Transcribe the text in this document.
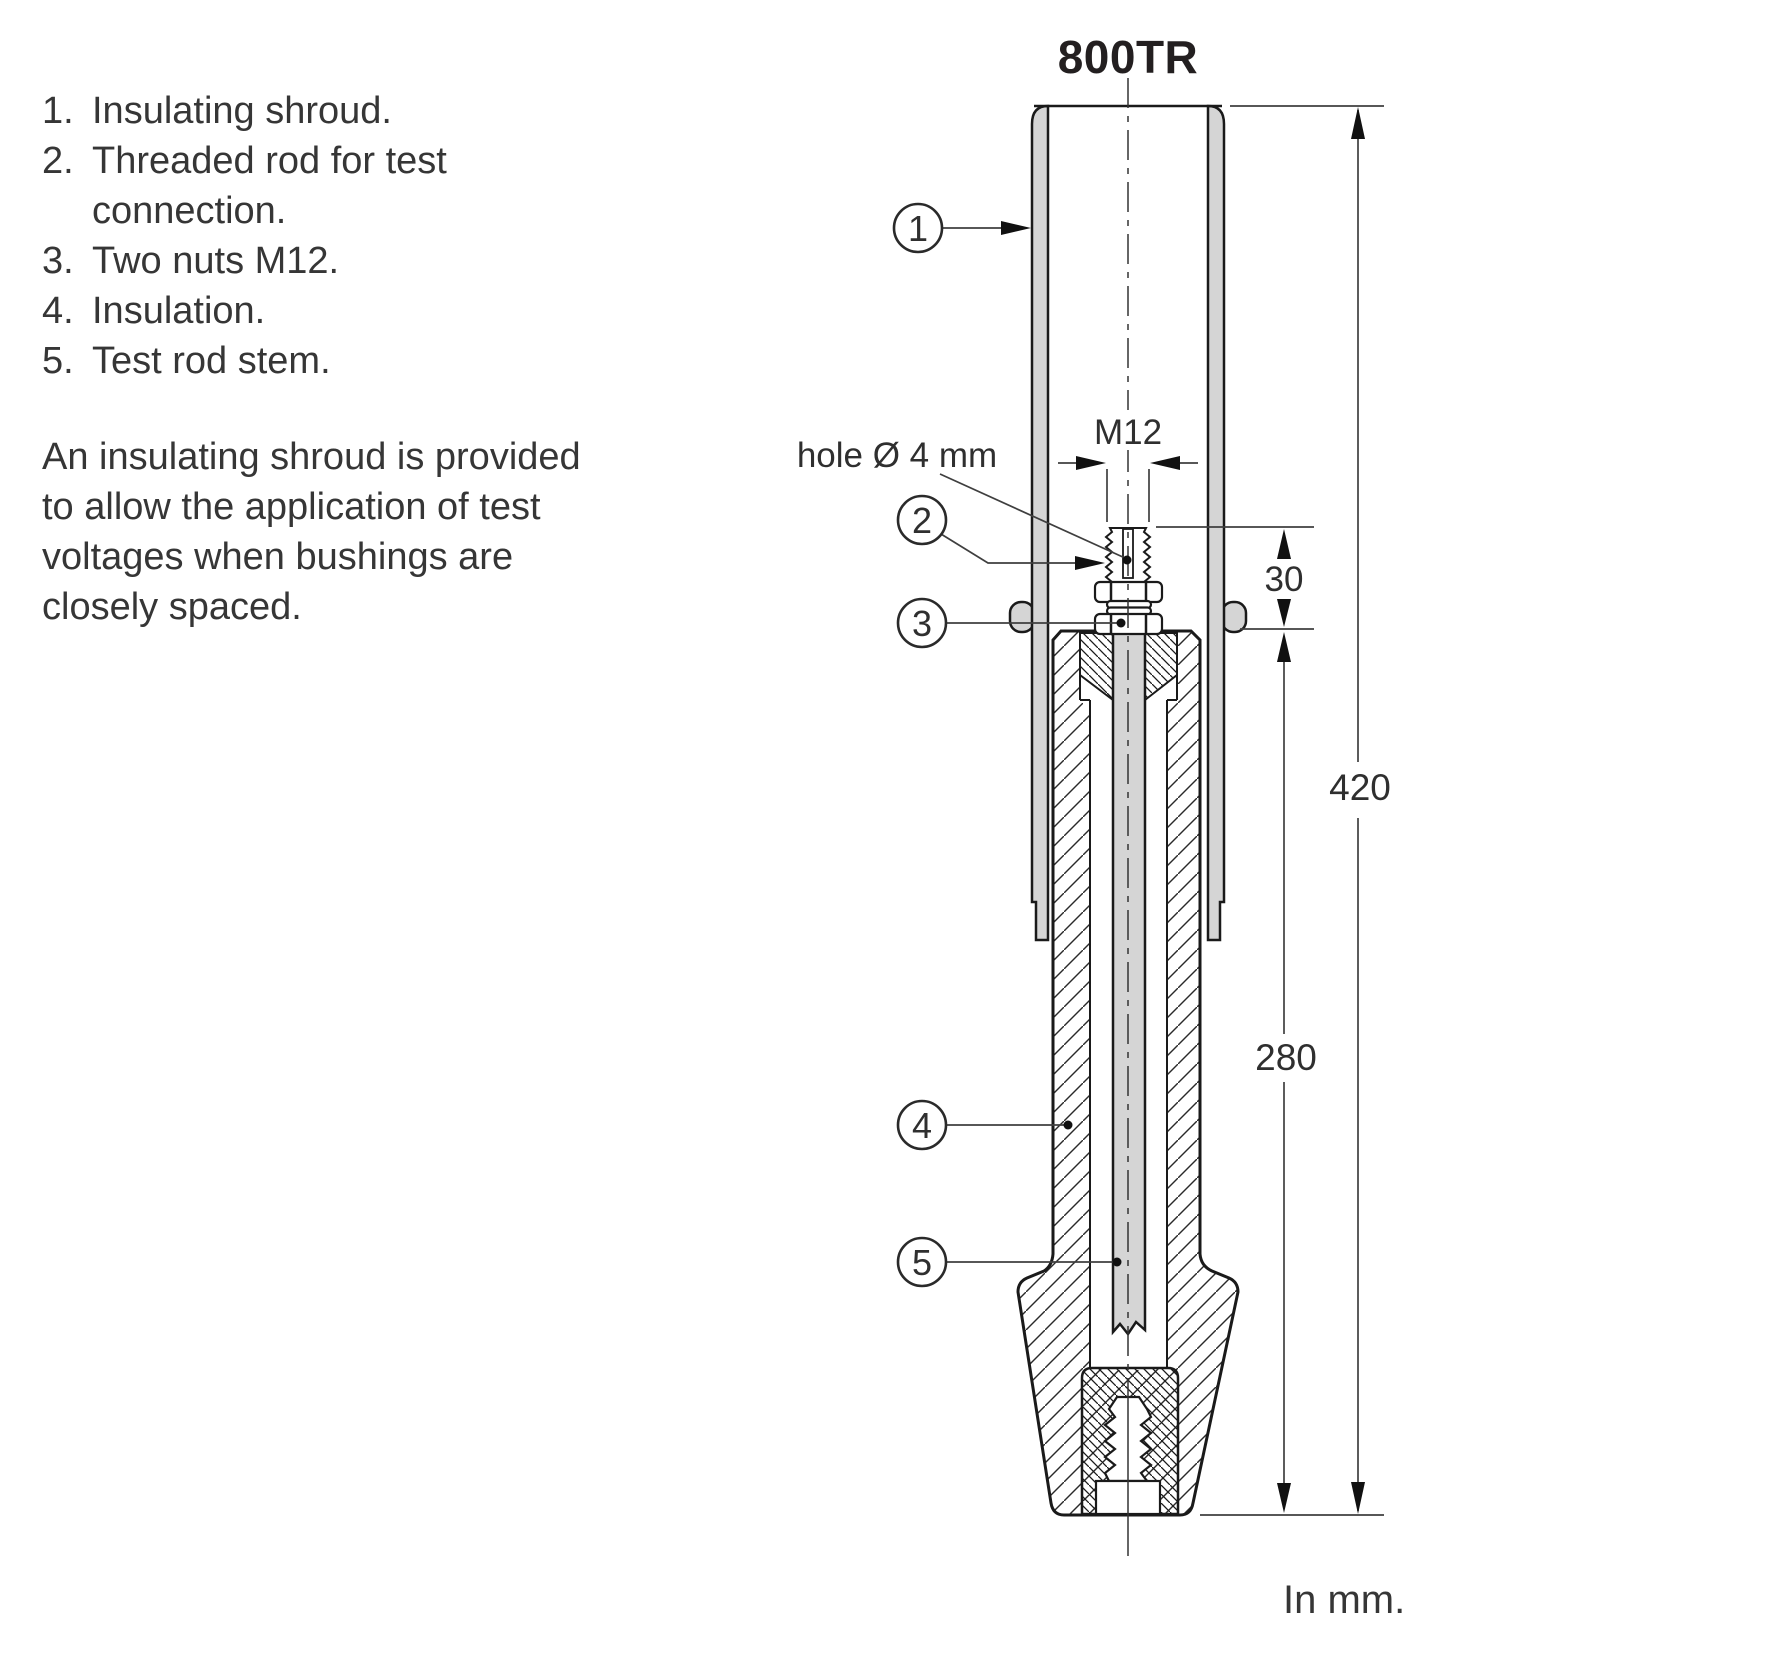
1. Insulating shroud.
2. Threaded rod for test connection.
3. Two nuts M12.
4. Insulation.
5. Test rod stem.
An insulating shroud is provided to allow the application of test voltages when bushings are closely spaced.
800TR
In mm.
420
30
280
M12
hole Ø 4 mm
1
2
3
4
5
